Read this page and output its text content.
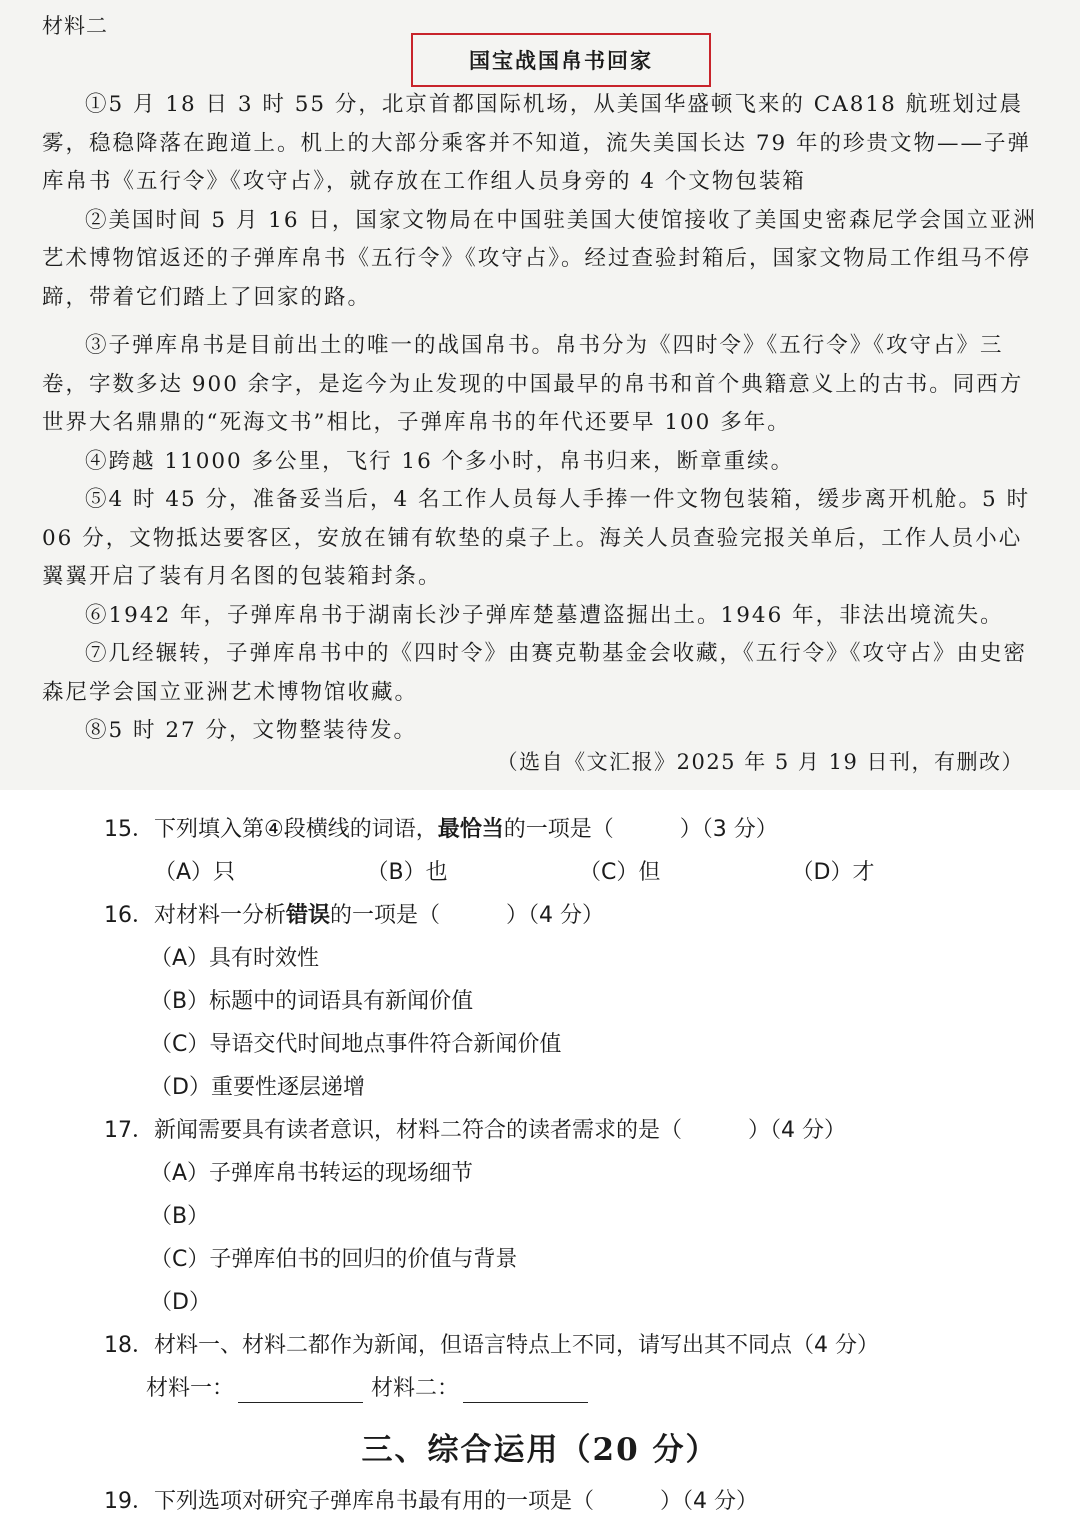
材料二
国宝战国帛书回家

①5 月 18 日 3 时 55 分，北京首都国际机场，从美国华盛顿飞来的 CA818 航班划过晨雾，稳稳降落在跑道上。机上的大部分乘客并不知道，流失美国长达 79 年的珍贵文物——子弹库帛书《五行令》《攻守占》，就存放在工作组人员身旁的 4 个文物包装箱

②美国时间 5 月 16 日，国家文物局在中国驻美国大使馆接收了美国史密森尼学会国立亚洲艺术博物馆返还的子弹库帛书《五行令》《攻守占》。经过查验封箱后，国家文物局工作组马不停蹄，带着它们踏上了回家的路。

③子弹库帛书是目前出土的唯一的战国帛书。帛书分为《四时令》《五行令》《攻守占》三卷，字数多达 900 余字，是迄今为止发现的中国最早的帛书和首个典籍意义上的古书。同西方世界大名鼎鼎的“死海文书”相比，子弹库帛书的年代还要早 100 多年。

④跨越 11000 多公里，飞行 16 个多小时，帛书归来，断章重续。

⑤4 时 45 分，准备妥当后，4 名工作人员每人手捧一件文物包装箱，缓步离开机舱。5 时 06 分，文物抵达要客区，安放在铺有软垫的桌子上。海关人员查验完报关单后，工作人员小心翼翼开启了装有月名图的包装箱封条。

⑥1942 年，子弹库帛书于湖南长沙子弹库楚墓遭盗掘出土。1946 年，非法出境流失。

⑦几经辗转，子弹库帛书中的《四时令》由赛克勒基金会收藏，《五行令》《攻守占》由史密森尼学会国立亚洲艺术博物馆收藏。

⑧5 时 27 分，文物整装待发。

（选自《文汇报》2025 年 5 月 19 日刊，有删改）
15．下列填入第④段横线的词语，最恰当的一项是（　　　）（3 分）
（A）只	（B）也	（C）但	（D）才
16．对材料一分析错误的一项是（　　　）（4 分）
（A）具有时效性
（B）标题中的词语具有新闻价值
（C）导语交代时间地点事件符合新闻价值
（D）重要性逐层递增
17．新闻需要具有读者意识，材料二符合的读者需求的是（　　　）（4 分）
（A）子弹库帛书转运的现场细节
（B）
（C）子弹库伯书的回归的价值与背景
（D）
18．材料一、材料二都作为新闻，但语言特点上不同，请写出其不同点（4 分）
材料一：	材料二：
三、综合运用（20 分）
19．下列选项对研究子弹库帛书最有用的一项是（　　　）（4 分）
